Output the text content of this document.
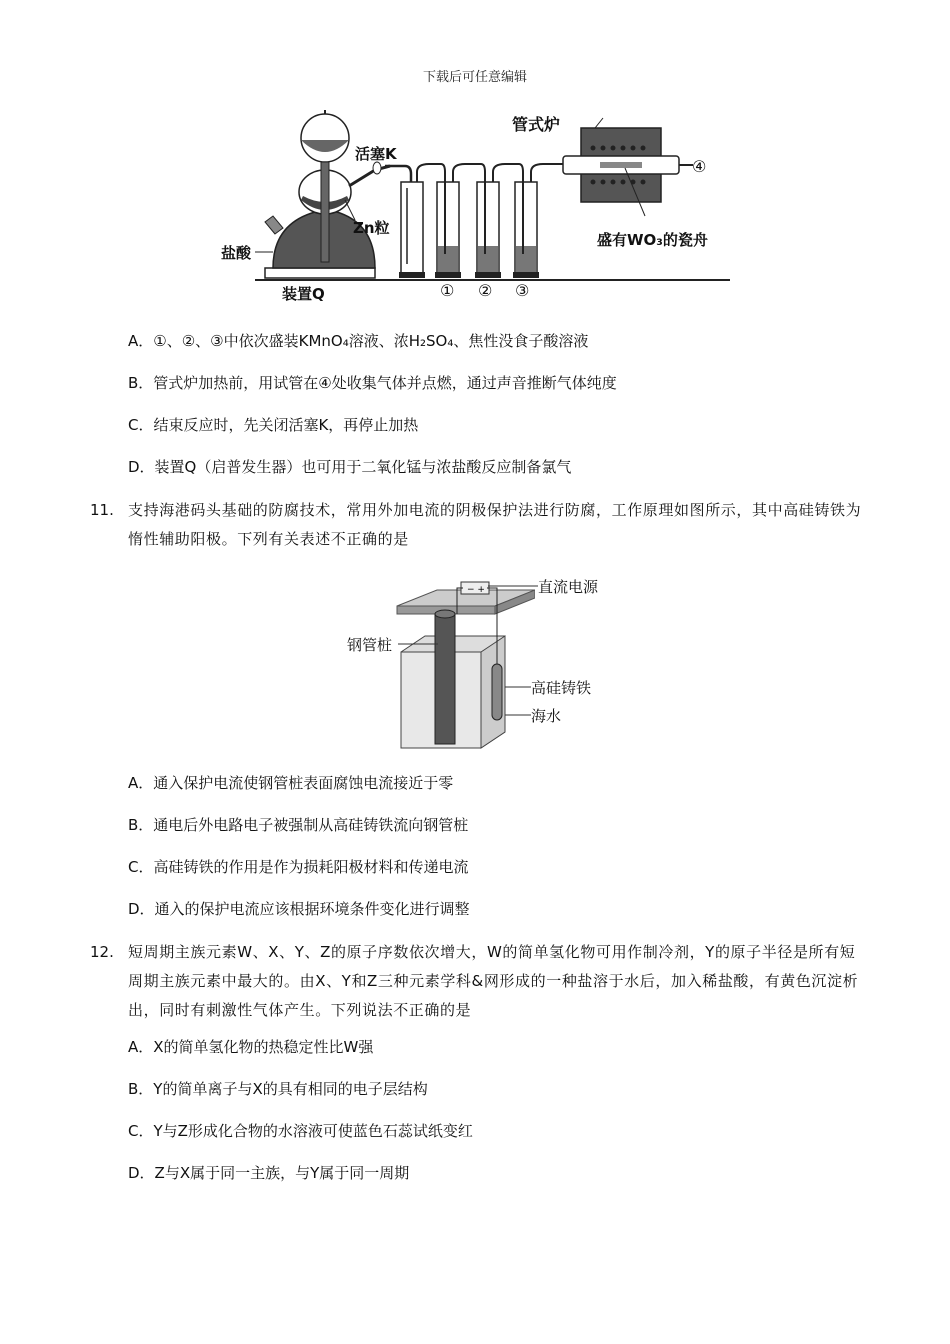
下载后可任意编辑
管式炉
活塞K
Zn粒
盐酸
装置Q
盛有WO₃的瓷舟
① ② ③
④
A．①、②、③中依次盛装KMnO₄溶液、浓H₂SO₄、焦性没食子酸溶液
B．管式炉加热前，用试管在④处收集气体并点燃，通过声音推断气体纯度
C．结束反应时，先关闭活塞K，再停止加热
D．装置Q（启普发生器）也可用于二氧化锰与浓盐酸反应制备氯气
11. 支持海港码头基础的防腐技术，常用外加电流的阴极保护法进行防腐，工作原理如图所示，其中高硅铸铁为惰性辅助阳极。下列有关表述不正确的是
− +	直流电源
钢管桩
高硅铸铁
海水
A．通入保护电流使钢管桩表面腐蚀电流接近于零
B．通电后外电路电子被强制从高硅铸铁流向钢管桩
C．高硅铸铁的作用是作为损耗阳极材料和传递电流
D．通入的保护电流应该根据环境条件变化进行调整
12. 短周期主族元素W、X、Y、Z的原子序数依次增大，W的简单氢化物可用作制冷剂，Y的原子半径是所有短周期主族元素中最大的。由X、Y和Z三种元素学科&网形成的一种盐溶于水后，加入稀盐酸，有黄色沉淀析出，同时有刺激性气体产生。下列说法不正确的是
A．X的简单氢化物的热稳定性比W强
B．Y的简单离子与X的具有相同的电子层结构
C．Y与Z形成化合物的水溶液可使蓝色石蕊试纸变红
D．Z与X属于同一主族，与Y属于同一周期
